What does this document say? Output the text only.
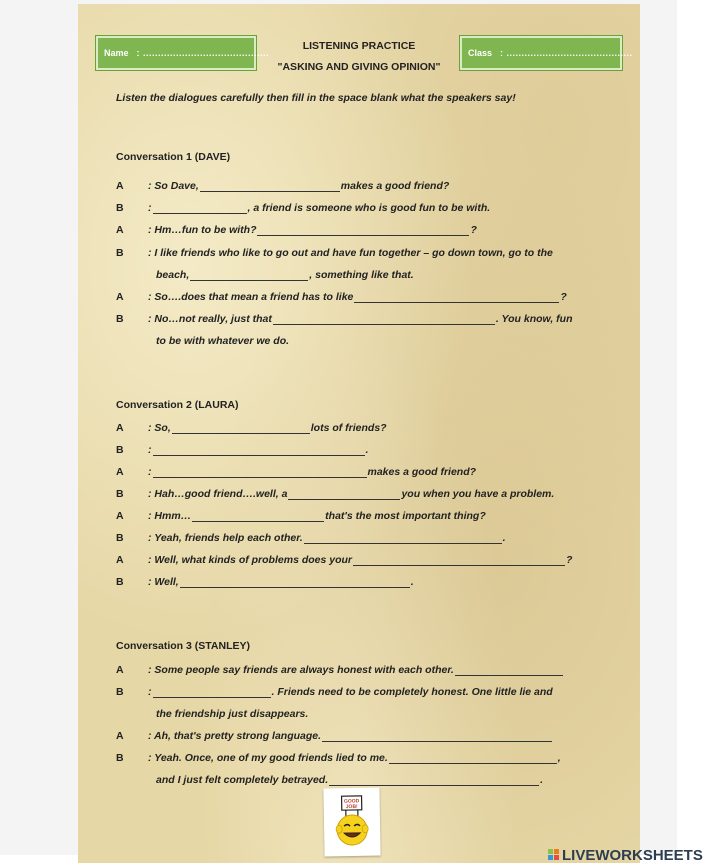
Name : ..........................................	Class : ..........................................
LISTENING PRACTICE
"ASKING AND GIVING OPINION"
Listen the dialogues carefully then fill in the space blank what the speakers say!
Conversation 1 (DAVE)
A	: So Dave,	makes a good friend?
B	:	, a friend is someone who is good fun to be with.
A	: Hm…fun to be with?	?
B	: I like friends who like to go out and have fun together – go down town, go to the
beach,	, something like that.
A	: So….does that mean a friend has to like	?
B	: No…not really, just that	. You know, fun
to be with whatever we do.
Conversation 2 (LAURA)
A	: So,	lots of friends?
B	:	.
A	:	makes a good friend?
B	: Hah…good friend….well, a	you when you have a problem.
A	: Hmm…	that's the most important thing?
B	: Yeah, friends help each other.	.
A	: Well, what kinds of problems does your	?
B	: Well,	.
Conversation 3 (STANLEY)
A	: Some people say friends are always honest with each other.
B	:	. Friends need to be completely honest. One little lie and
the friendship just disappears.
A	: Ah, that's pretty strong language.
B	: Yeah. Once, one of my good friends lied to me.	,
and I just felt completely betrayed.	.
GOOD
JOB!
LIVEWORKSHEETS
